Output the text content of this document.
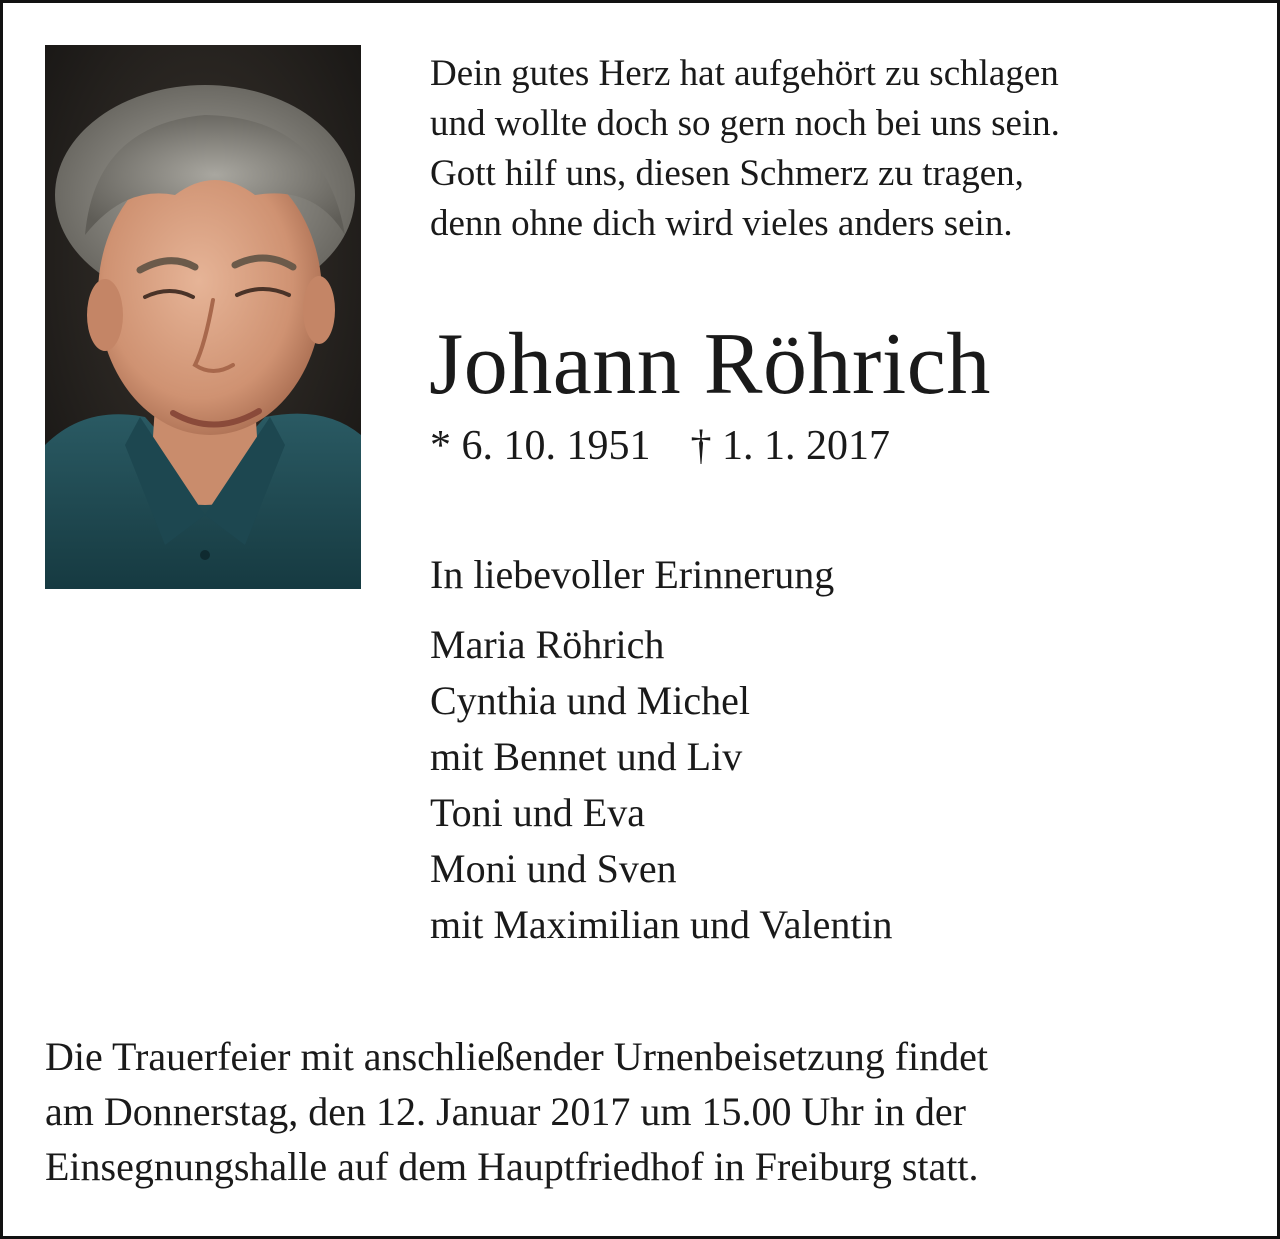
Dein gutes Herz hat aufgehört zu schlagen
und wollte doch so gern noch bei uns sein.
Gott hilf uns, diesen Schmerz zu tragen,
denn ohne dich wird vieles anders sein.
Johann Röhrich
* 6. 10. 1951 † 1. 1. 2017
In liebevoller Erinnerung
Maria Röhrich
Cynthia und Michel
mit Bennet und Liv
Toni und Eva
Moni und Sven
mit Maximilian und Valentin
Die Trauerfeier mit anschließender Urnenbeisetzung findet
am Donnerstag, den 12. Januar 2017 um 15.00 Uhr in der
Einsegnungshalle auf dem Hauptfriedhof in Freiburg statt.
